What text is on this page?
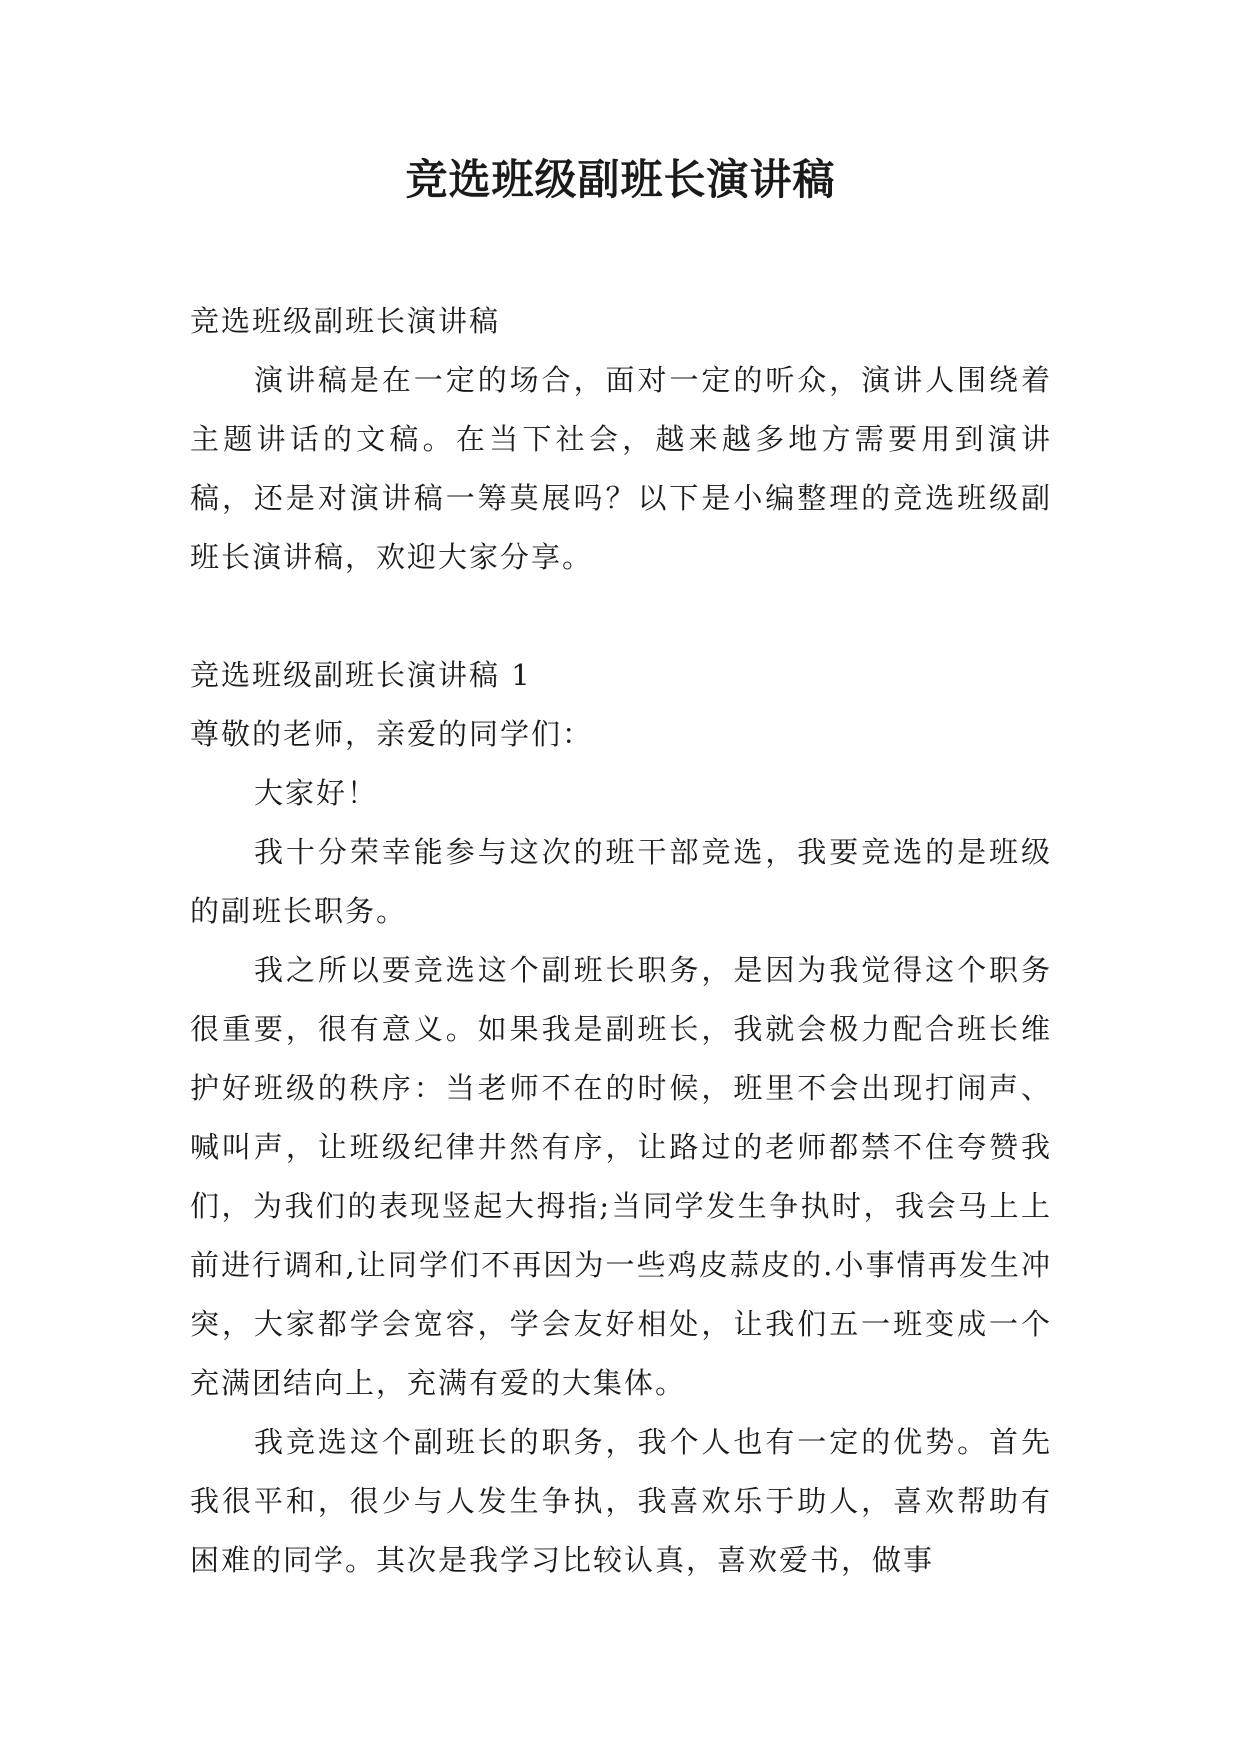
竞选班级副班长演讲稿

竞选班级副班长演讲稿

演讲稿是在一定的场合，面对一定的听众，演讲人围绕着主题讲话的文稿。在当下社会，越来越多地方需要用到演讲稿，还是对演讲稿一筹莫展吗？以下是小编整理的竞选班级副班长演讲稿，欢迎大家分享。

竞选班级副班长演讲稿 1

尊敬的老师，亲爱的同学们：

大家好！

我十分荣幸能参与这次的班干部竞选，我要竞选的是班级的副班长职务。

我之所以要竞选这个副班长职务，是因为我觉得这个职务很重要，很有意义。如果我是副班长，我就会极力配合班长维护好班级的秩序：当老师不在的时候，班里不会出现打闹声、喊叫声，让班级纪律井然有序，让路过的老师都禁不住夸赞我们，为我们的表现竖起大拇指;当同学发生争执时，我会马上上前进行调和,让同学们不再因为一些鸡皮蒜皮的.小事情再发生冲突，大家都学会宽容，学会友好相处，让我们五一班变成一个充满团结向上，充满有爱的大集体。

我竞选这个副班长的职务，我个人也有一定的优势。首先我很平和，很少与人发生争执，我喜欢乐于助人，喜欢帮助有困难的同学。其次是我学习比较认真，喜欢爱书，做事
